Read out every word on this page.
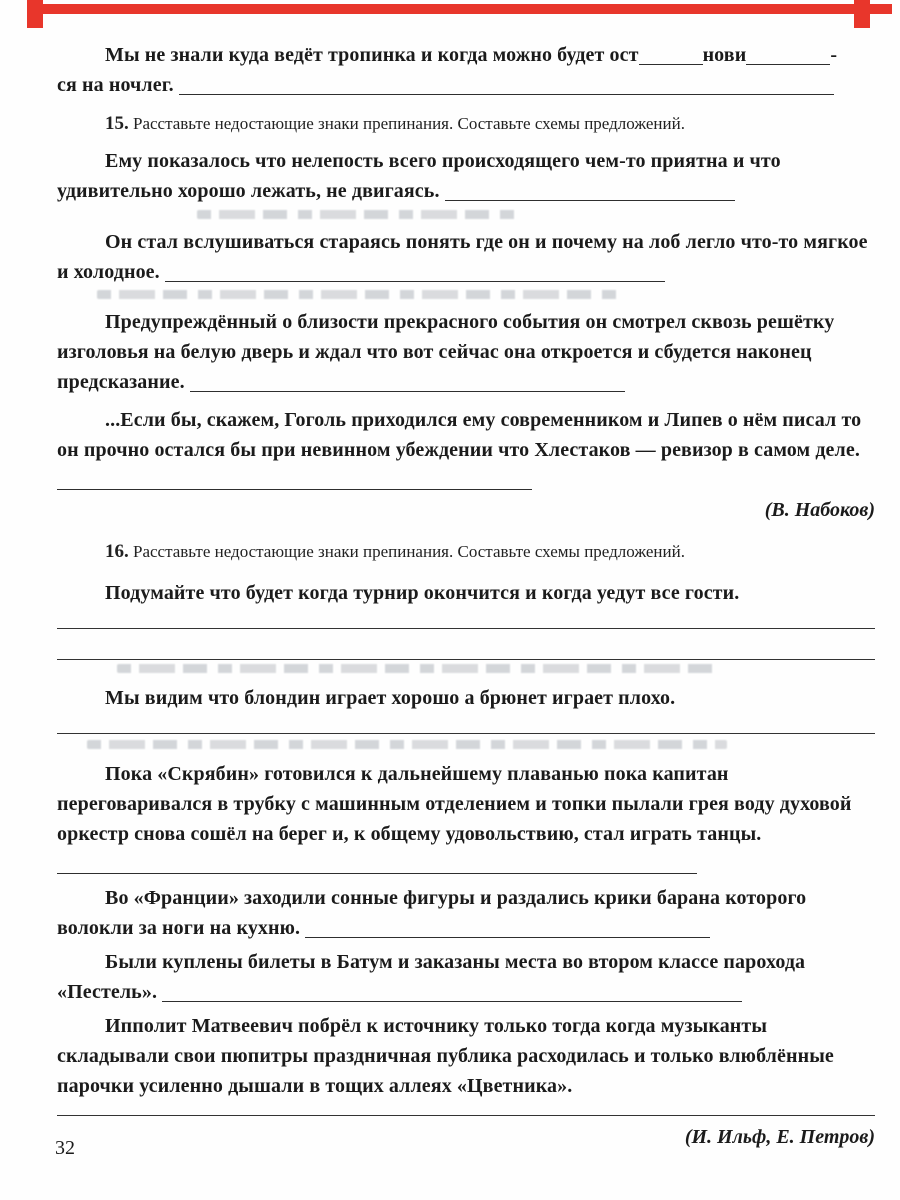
Мы не знали куда ведёт тропинка и когда можно будет ост	нови	-
ся на ночлег.

15. Расставьте недостающие знаки препинания. Составьте схемы предложений.

Ему показалось что нелепость всего происходящего чем-то приятна и что удивительно хорошо лежать, не двигаясь.

Он стал вслушиваться стараясь понять где он и почему на лоб легло что-то мягкое и холодное.

Предупреждённый о близости прекрасного события он смотрел сквозь решётку изголовья на белую дверь и ждал что вот сейчас она откроется и сбудется наконец предсказание.

...Если бы, скажем, Гоголь приходился ему современником и Липев о нём писал то он прочно остался бы при невинном убеждении что Хлестаков — ревизор в самом деле.

(В. Набоков)

16. Расставьте недостающие знаки препинания. Составьте схемы предложений.

Подумайте что будет когда турнир окончится и когда уедут все гости.

Мы видим что блондин играет хорошо а брюнет играет плохо.

Пока «Скрябин» готовился к дальнейшему плаванью пока капитан переговаривался в трубку с машинным отделением и топки пылали грея воду духовой оркестр снова сошёл на берег и, к общему удовольствию, стал играть танцы.

Во «Франции» заходили сонные фигуры и раздались крики барана которого волокли за ноги на кухню.

Были куплены билеты в Батум и заказаны места во втором классе парохода «Пестель».

Ипполит Матвеевич побрёл к источнику только тогда когда музыканты складывали свои пюпитры праздничная публика расходилась и только влюблённые парочки усиленно дышали в тощих аллеях «Цветника».

(И. Ильф, Е. Петров)

32
